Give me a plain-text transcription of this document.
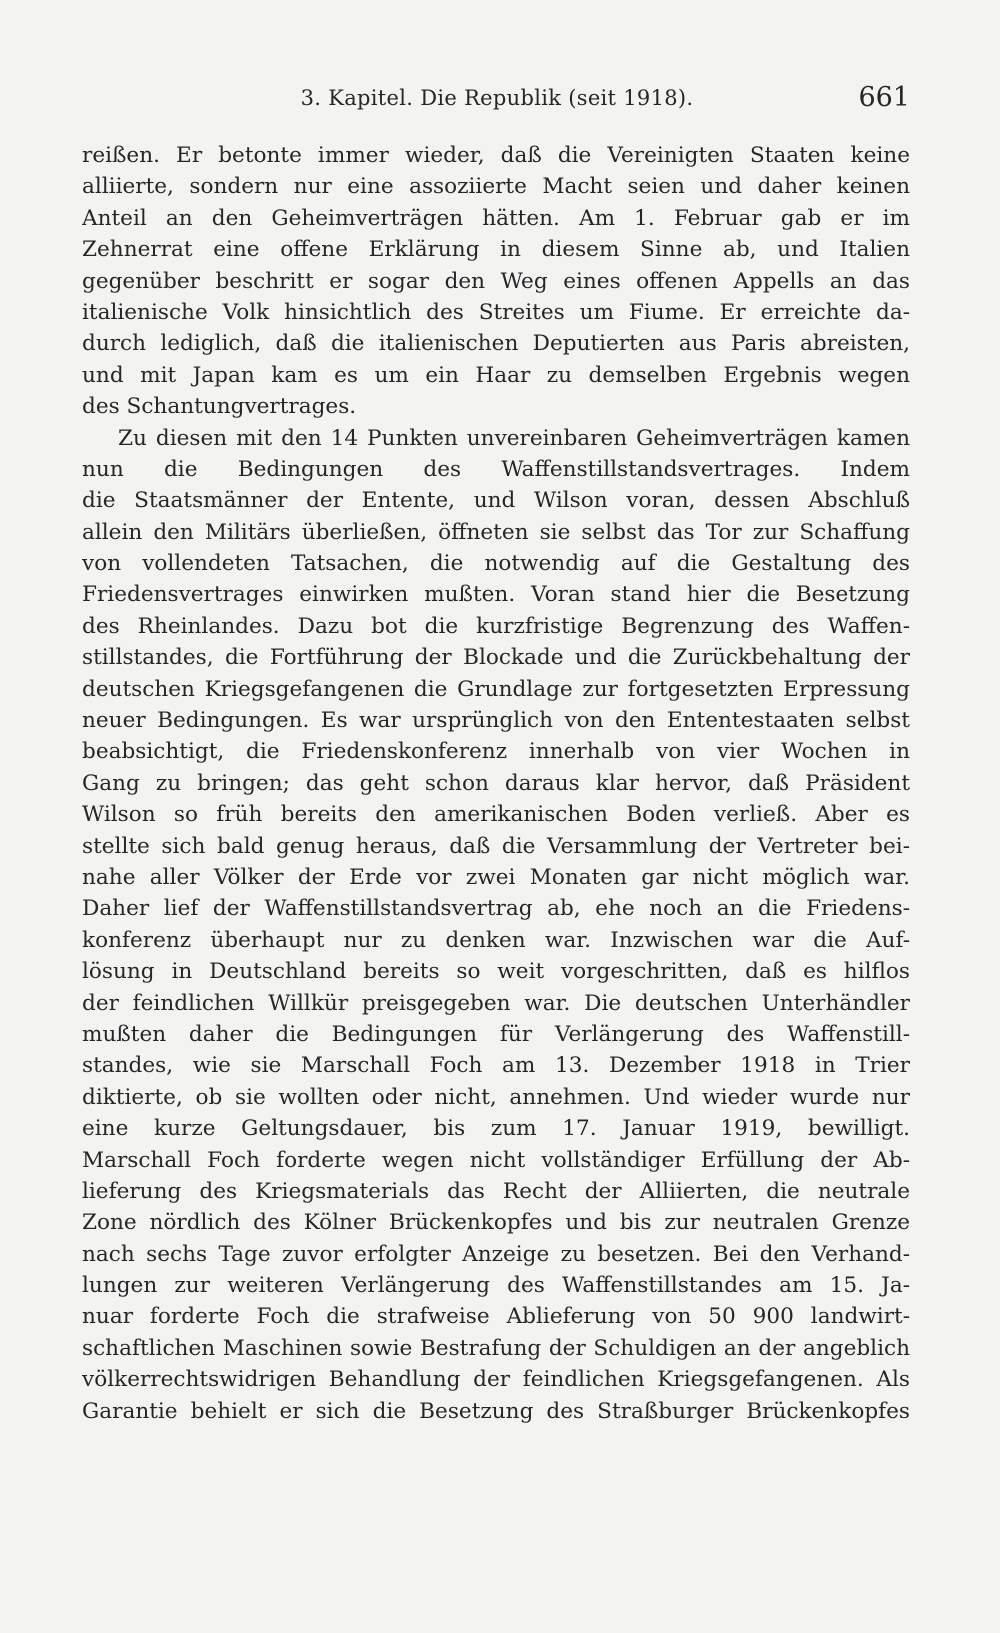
3. Kapitel. Die Republik (seit 1918).	661
reißen. Er betonte immer wieder, daß die Vereinigten Staaten keine
alliierte, sondern nur eine assoziierte Macht seien und daher keinen
Anteil an den Geheimverträgen hätten. Am 1. Februar gab er im
Zehnerrat eine offene Erklärung in diesem Sinne ab, und Italien
gegenüber beschritt er sogar den Weg eines offenen Appells an das
italienische Volk hinsichtlich des Streites um Fiume. Er erreichte da-
durch lediglich, daß die italienischen Deputierten aus Paris abreisten,
und mit Japan kam es um ein Haar zu demselben Ergebnis wegen
des Schantungvertrages.
Zu diesen mit den 14 Punkten unvereinbaren Geheimverträgen kamen
nun die Bedingungen des Waffenstillstandsvertrages. Indem
die Staatsmänner der Entente, und Wilson voran, dessen Abschluß
allein den Militärs überließen, öffneten sie selbst das Tor zur Schaffung
von vollendeten Tatsachen, die notwendig auf die Gestaltung des
Friedensvertrages einwirken mußten. Voran stand hier die Besetzung
des Rheinlandes. Dazu bot die kurzfristige Begrenzung des Waffen-
stillstandes, die Fortführung der Blockade und die Zurückbehaltung der
deutschen Kriegsgefangenen die Grundlage zur fortgesetzten Erpressung
neuer Bedingungen. Es war ursprünglich von den Ententestaaten selbst
beabsichtigt, die Friedenskonferenz innerhalb von vier Wochen in
Gang zu bringen; das geht schon daraus klar hervor, daß Präsident
Wilson so früh bereits den amerikanischen Boden verließ. Aber es
stellte sich bald genug heraus, daß die Versammlung der Vertreter bei-
nahe aller Völker der Erde vor zwei Monaten gar nicht möglich war.
Daher lief der Waffenstillstandsvertrag ab, ehe noch an die Friedens-
konferenz überhaupt nur zu denken war. Inzwischen war die Auf-
lösung in Deutschland bereits so weit vorgeschritten, daß es hilflos
der feindlichen Willkür preisgegeben war. Die deutschen Unterhändler
mußten daher die Bedingungen für Verlängerung des Waffenstill-
standes, wie sie Marschall Foch am 13. Dezember 1918 in Trier
diktierte, ob sie wollten oder nicht, annehmen. Und wieder wurde nur
eine kurze Geltungsdauer, bis zum 17. Januar 1919, bewilligt.
Marschall Foch forderte wegen nicht vollständiger Erfüllung der Ab-
lieferung des Kriegsmaterials das Recht der Alliierten, die neutrale
Zone nördlich des Kölner Brückenkopfes und bis zur neutralen Grenze
nach sechs Tage zuvor erfolgter Anzeige zu besetzen. Bei den Verhand-
lungen zur weiteren Verlängerung des Waffenstillstandes am 15. Ja-
nuar forderte Foch die strafweise Ablieferung von 50 900 landwirt-
schaftlichen Maschinen sowie Bestrafung der Schuldigen an der angeblich
völkerrechtswidrigen Behandlung der feindlichen Kriegsgefangenen. Als
Garantie behielt er sich die Besetzung des Straßburger Brückenkopfes
